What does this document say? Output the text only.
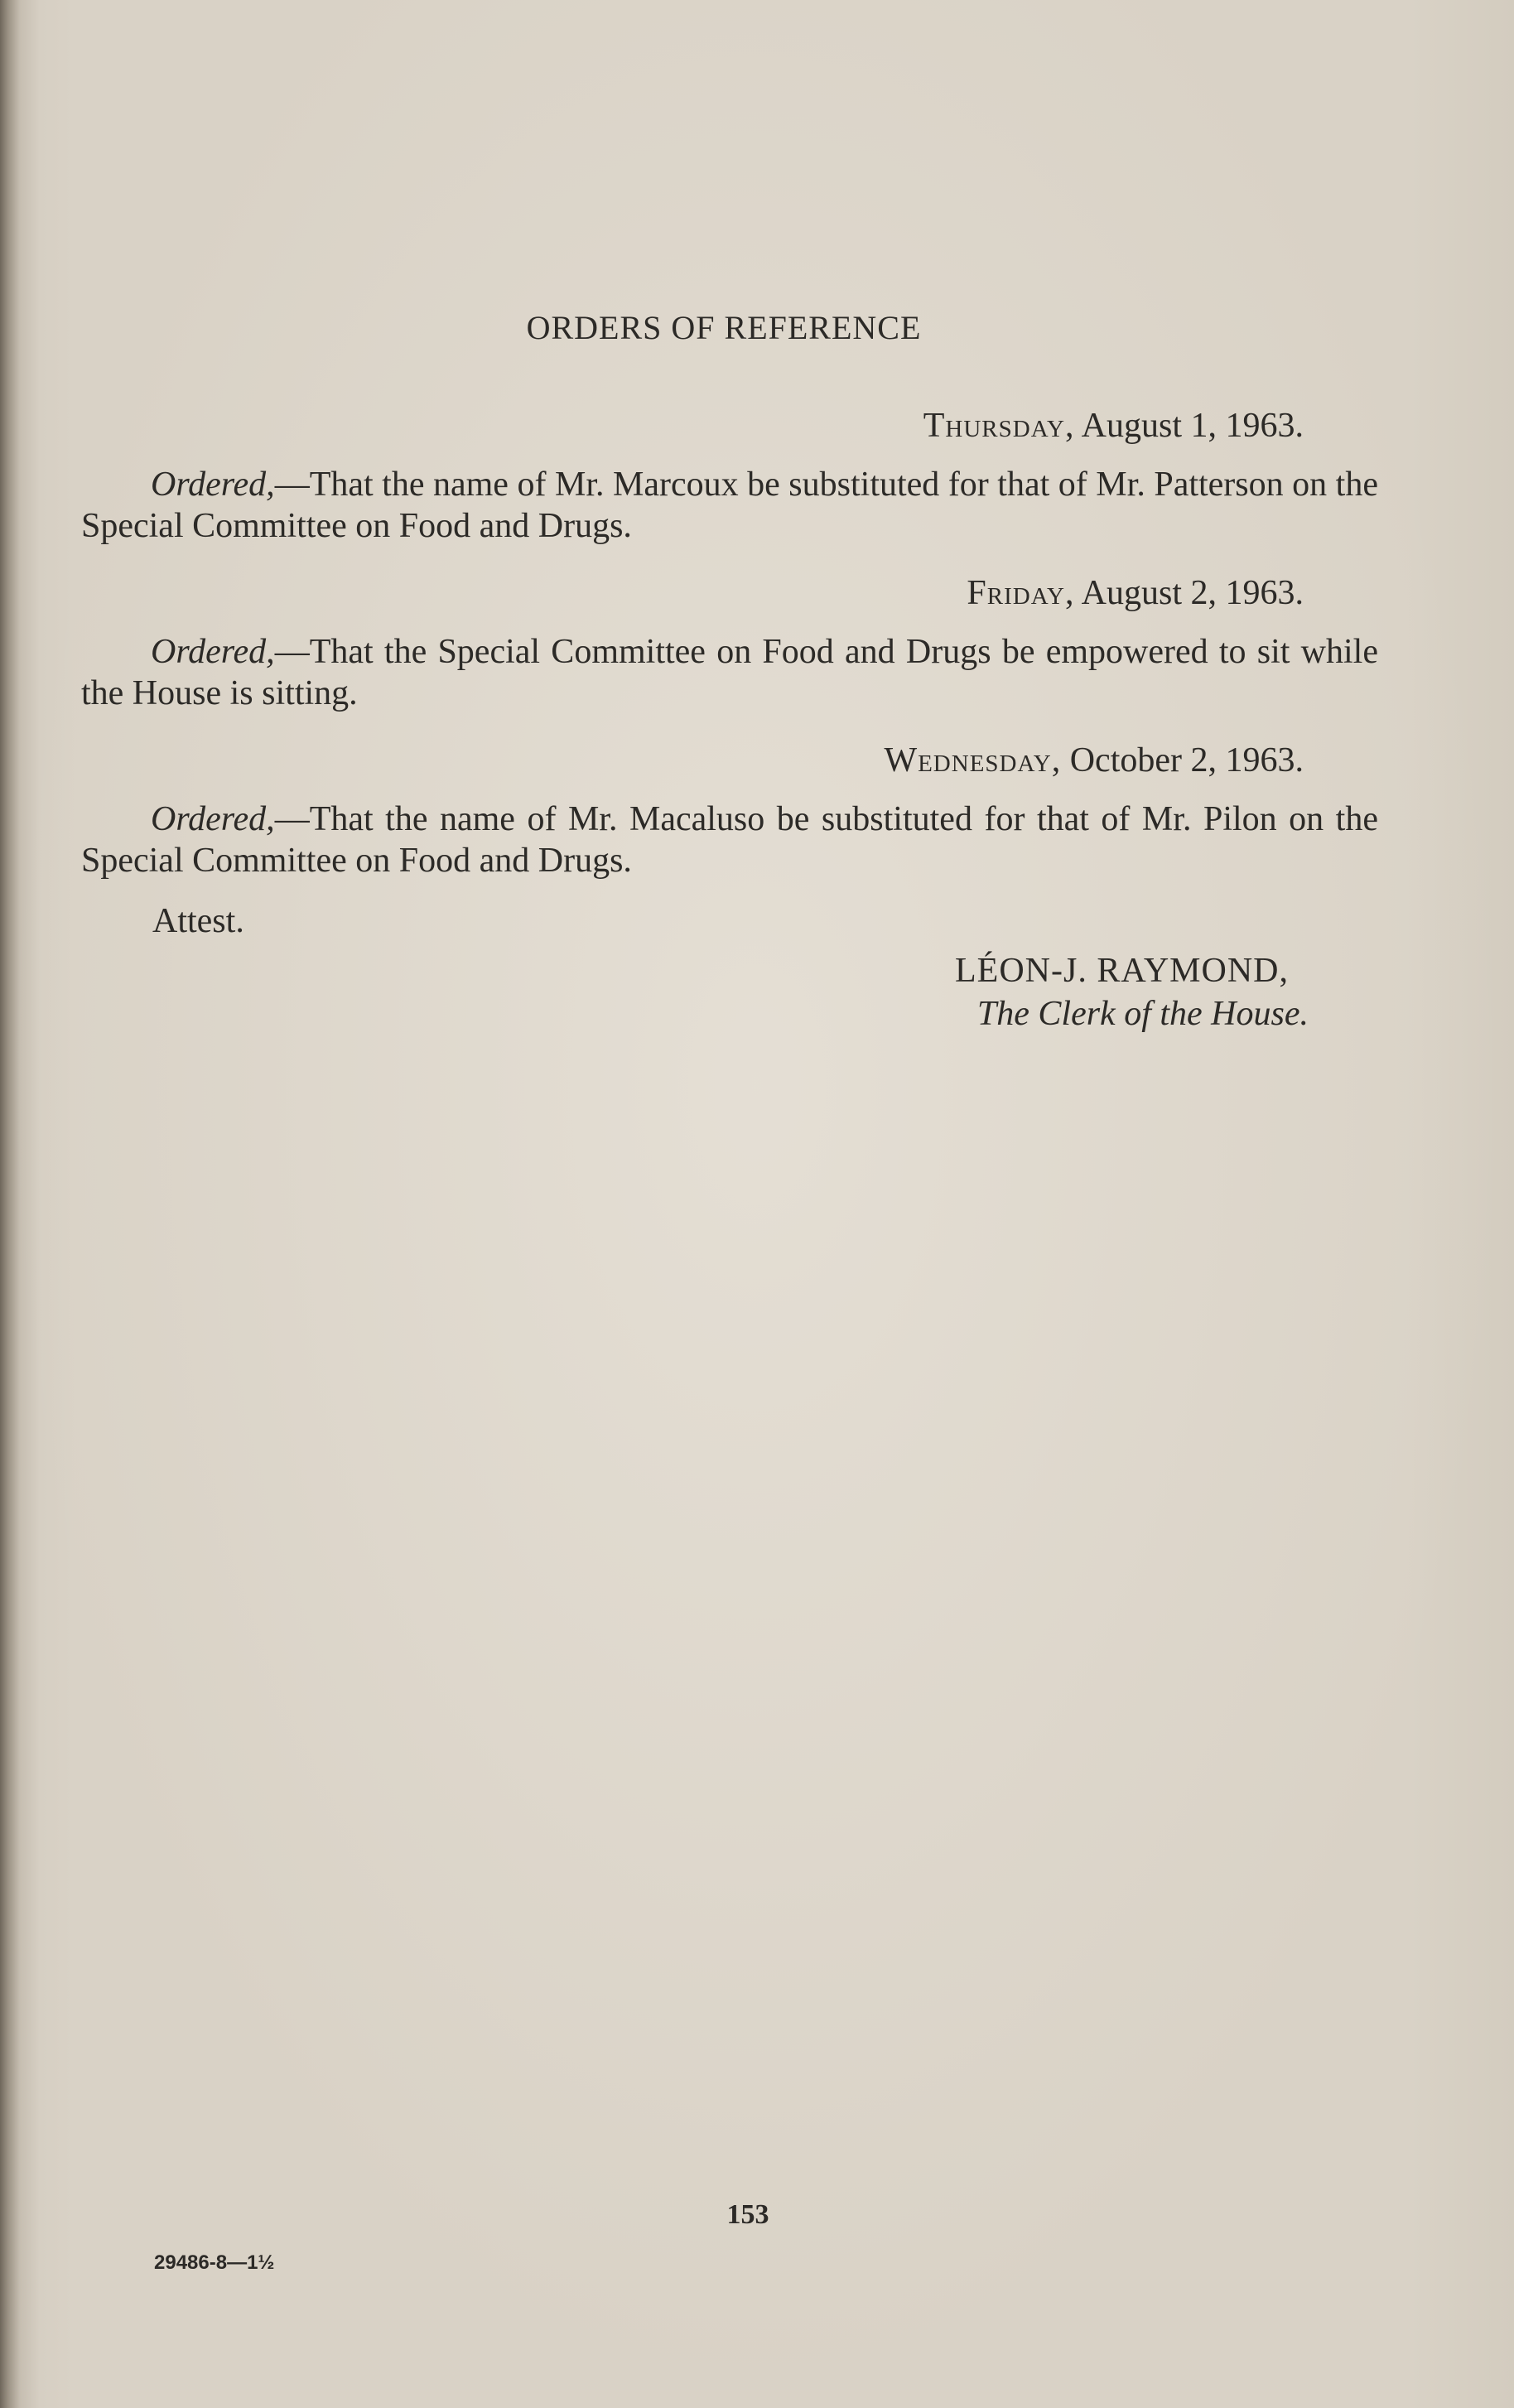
ORDERS OF REFERENCE
Thursday, August 1, 1963.
Ordered,—That the name of Mr. Marcoux be substituted for that of Mr. Patterson on the Special Committee on Food and Drugs.
Friday, August 2, 1963.
Ordered,—That the Special Committee on Food and Drugs be empowered to sit while the House is sitting.
Wednesday, October 2, 1963.
Ordered,—That the name of Mr. Macaluso be substituted for that of Mr. Pilon on the Special Committee on Food and Drugs.
Attest.
LÉON-J. RAYMOND,
The Clerk of the House.
153
29486-8—1½
